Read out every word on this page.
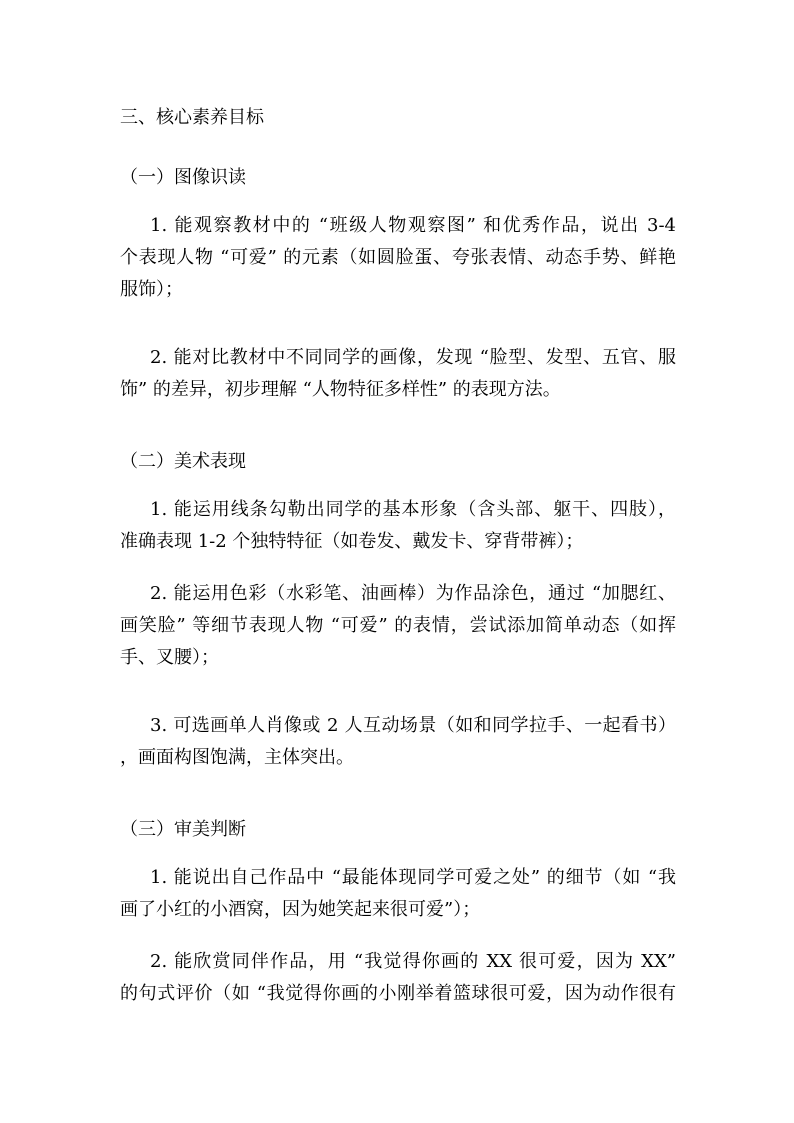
三、核心素养目标
（一）图像识读
1. 能观察教材中的 “班级人物观察图” 和优秀作品，说出 3-4
个表现人物 “可爱” 的元素（如圆脸蛋、夸张表情、动态手势、鲜艳
服饰）；
2. 能对比教材中不同同学的画像，发现 “脸型、发型、五官、服
饰” 的差异，初步理解 “人物特征多样性” 的表现方法。
（二）美术表现
1. 能运用线条勾勒出同学的基本形象（含头部、躯干、四肢），
准确表现 1-2 个独特特征（如卷发、戴发卡、穿背带裤）；
2. 能运用色彩（水彩笔、油画棒）为作品涂色，通过 “加腮红、
画笑脸” 等细节表现人物 “可爱” 的表情，尝试添加简单动态（如挥
手、叉腰）；
3. 可选画单人肖像或 2 人互动场景（如和同学拉手、一起看书）
，画面构图饱满，主体突出。
（三）审美判断
1. 能说出自己作品中 “最能体现同学可爱之处” 的细节（如 “我
画了小红的小酒窝，因为她笑起来很可爱”）；
2. 能欣赏同伴作品，用 “我觉得你画的 XX 很可爱，因为 XX”
的句式评价（如 “我觉得你画的小刚举着篮球很可爱，因为动作很有
